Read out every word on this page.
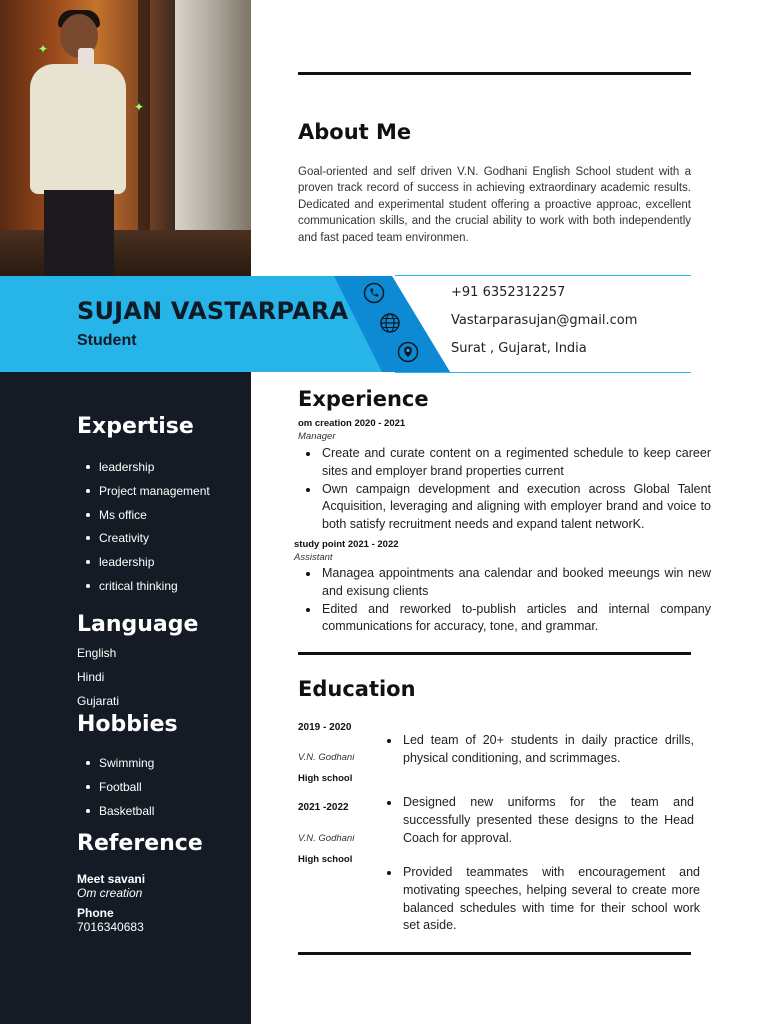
✦
✦
SUJAN VASTARPARA
Student
+91 6352312257
Vastarparasujan@gmail.com
Surat , Gujarat, India
About Me
Goal-oriented and self driven V.N. Godhani English School student with a proven track record of success in achieving extraordinary academic results. Dedicated and experimental student offering a proactive approac, excellent communication skills, and the crucial ability to work with both independently and fast paced team environmen.
Expertise
leadership
Project management
Ms office
Creativity
leadership
critical thinking
Language
English
Hindi
Gujarati
Hobbies
Swimming
Football
Basketball
Reference
Meet savani
Om creation

Phone
7016340683
Experience
om creation 2020 - 2021
Manager
Create and curate content on a regimented schedule to keep career sites and employer brand properties current
Own campaign development and execution across Global Talent Acquisition, leveraging and aligning with employer brand and voice to both satisfy recruitment needs and expand talent networK.
study point 2021 - 2022
Assistant
Managea appointments ana calendar and booked meeungs win new and exisung clients
Edited and reworked to-publish articles and internal company communications for accuracy, tone, and grammar.
Education
2019 - 2020
V.N. Godhani
High school
2021 -2022
V.N. Godhani
High school
Led team of 20+ students in daily practice drills, physical conditioning, and scrimmages.
Designed new uniforms for the team and successfully presented these designs to the Head Coach for approval.
Provided teammates with encouragement and motivating speeches, helping several to create more balanced schedules with time for their school work set aside.
